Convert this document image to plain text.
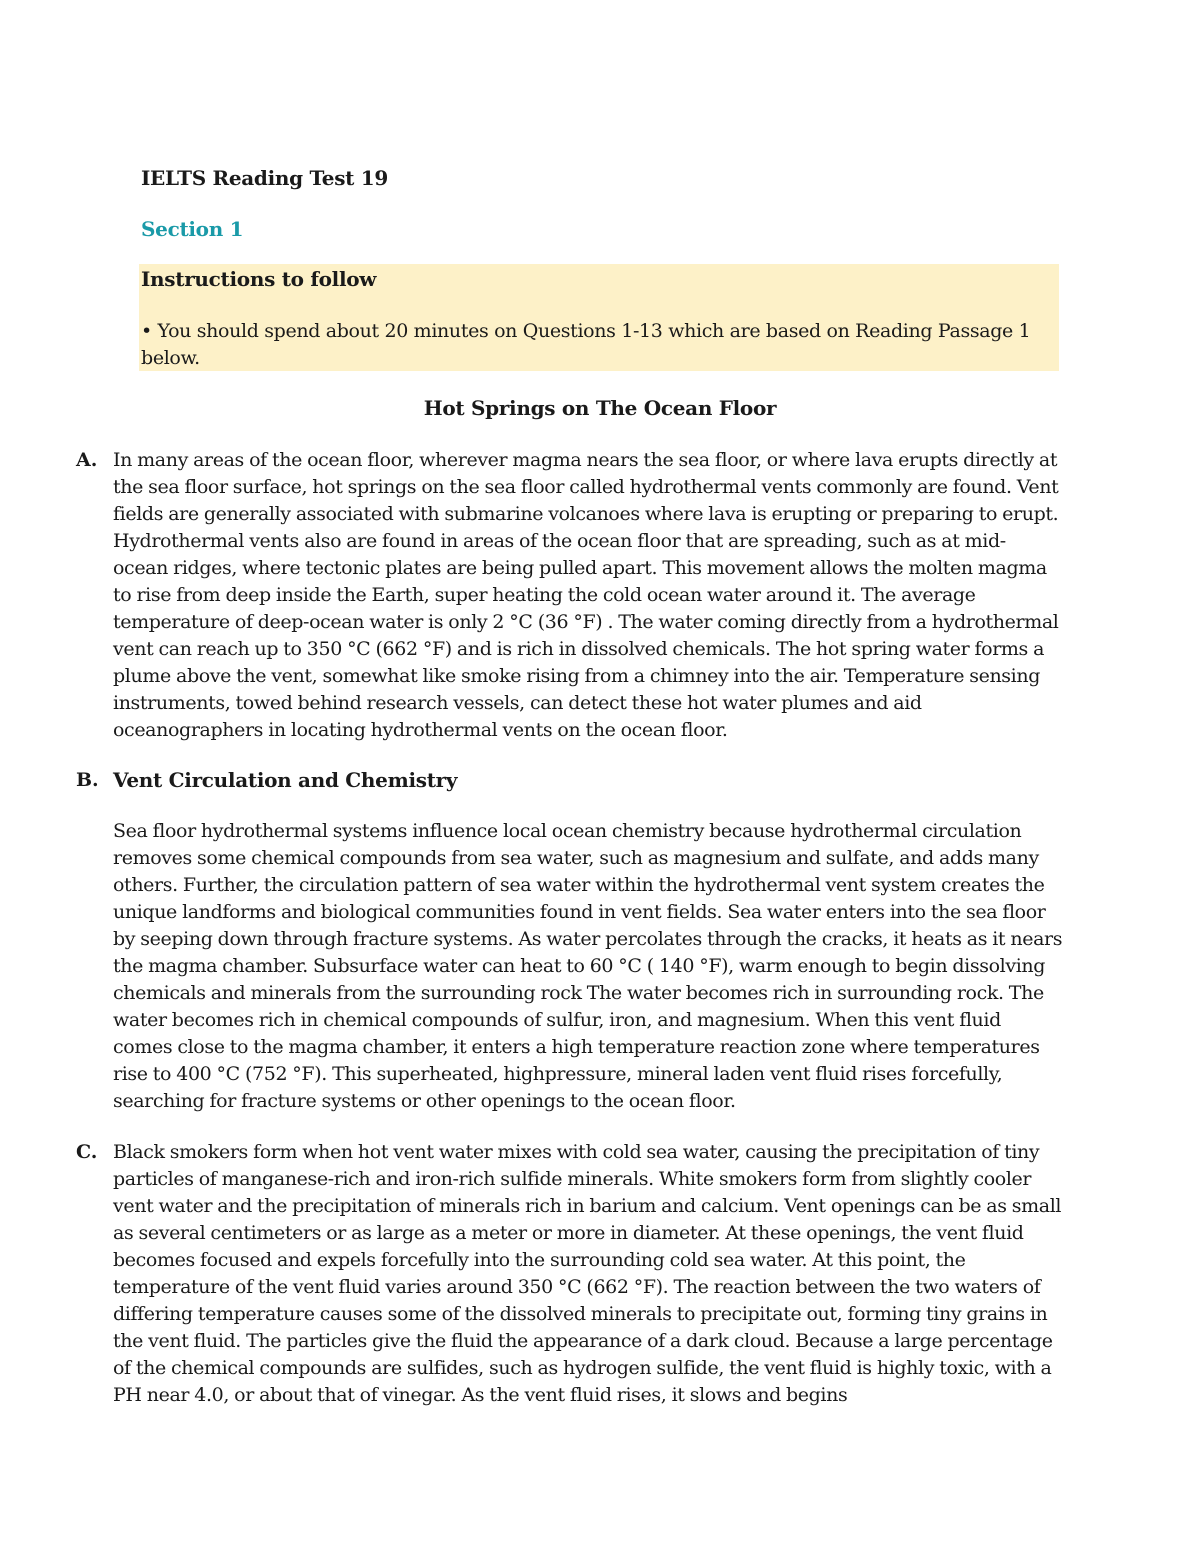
IELTS Reading Test 19
Section 1
Instructions to follow
• You should spend about 20 minutes on Questions 1-13 which are based on Reading Passage 1 below.
Hot Springs on The Ocean Floor
A. In many areas of the ocean floor, wherever magma nears the sea floor, or where lava erupts directly at the sea floor surface, hot springs on the sea floor called hydrothermal vents commonly are found. Vent fields are generally associated with submarine volcanoes where lava is erupting or preparing to erupt. Hydrothermal vents also are found in areas of the ocean floor that are spreading, such as at mid- ocean ridges, where tectonic plates are being pulled apart. This movement allows the molten magma to rise from deep inside the Earth, super heating the cold ocean water around it. The average temperature of deep-ocean water is only 2 °C (36 °F) . The water coming directly from a hydrothermal vent can reach up to 350 °C (662 °F) and is rich in dissolved chemicals. The hot spring water forms a plume above the vent, somewhat like smoke rising from a chimney into the air. Temperature sensing instruments, towed behind research vessels, can detect these hot water plumes and aid oceanographers in locating hydrothermal vents on the ocean floor.
B. Vent Circulation and Chemistry
Sea floor hydrothermal systems influence local ocean chemistry because hydrothermal circulation removes some chemical compounds from sea water, such as magnesium and sulfate, and adds many others. Further, the circulation pattern of sea water within the hydrothermal vent system creates the unique landforms and biological communities found in vent fields. Sea water enters into the sea floor by seeping down through fracture systems. As water percolates through the cracks, it heats as it nears the magma chamber. Subsurface water can heat to 60 °C ( 140 °F), warm enough to begin dissolving chemicals and minerals from the surrounding rock The water becomes rich in surrounding rock. The water becomes rich in chemical compounds of sulfur, iron, and magnesium. When this vent fluid comes close to the magma chamber, it enters a high temperature reaction zone where temperatures rise to 400 °C (752 °F). This superheated, highpressure, mineral laden vent fluid rises forcefully, searching for fracture systems or other openings to the ocean floor.
C. Black smokers form when hot vent water mixes with cold sea water, causing the precipitation of tiny particles of manganese-rich and iron-rich sulfide minerals. White smokers form from slightly cooler vent water and the precipitation of minerals rich in barium and calcium. Vent openings can be as small as several centimeters or as large as a meter or more in diameter. At these openings, the vent fluid becomes focused and expels forcefully into the surrounding cold sea water. At this point, the temperature of the vent fluid varies around 350 °C (662 °F). The reaction between the two waters of differing temperature causes some of the dissolved minerals to precipitate out, forming tiny grains in the vent fluid. The particles give the fluid the appearance of a dark cloud. Because a large percentage of the chemical compounds are sulfides, such as hydrogen sulfide, the vent fluid is highly toxic, with a PH near 4.0, or about that of vinegar. As the vent fluid rises, it slows and begins
